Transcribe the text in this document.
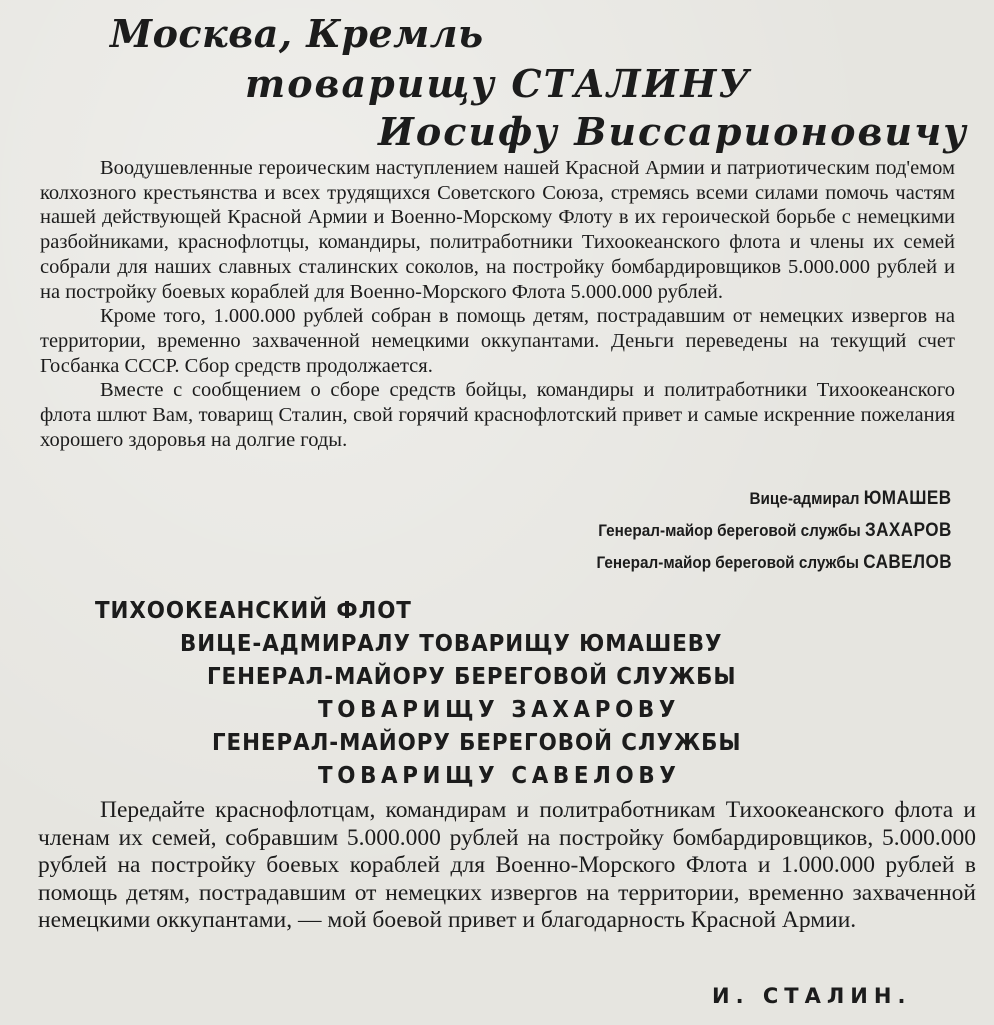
Москва, Кремль
товарищу СТАЛИНУ
Иосифу Виссарионовичу

Воодушевленные героическим наступлением нашей Красной Армии и патриотическим под'емом колхозного крестьянства и всех трудящихся Советского Союза, стремясь всеми силами помочь частям нашей действующей Красной Армии и Военно-Морскому Флоту в их героической борьбе с немецкими разбойниками, краснофлотцы, командиры, политработники Тихоокеанского флота и члены их семей собрали для наших славных сталинских соколов, на постройку бомбардировщиков 5.000.000 рублей и на постройку боевых кораблей для Военно-Морского Флота 5.000.000 рублей.

Кроме того, 1.000.000 рублей собран в помощь детям, пострадавшим от немецких извергов на территории, временно захваченной немецкими оккупантами. Деньги переведены на текущий счет Госбанка СССР. Сбор средств продолжается.

Вместе с сообщением о сборе средств бойцы, командиры и политработники Тихоокеанского флота шлют Вам, товарищ Сталин, свой горячий краснофлотский привет и самые искренние пожелания хорошего здоровья на долгие годы.

Вице-адмирал ЮМАШЕВ
Генерал-майор береговой службы ЗАХАРОВ
Генерал-майор береговой службы САВЕЛОВ
ТИХООКЕАНСКИЙ ФЛОТ
ВИЦЕ-АДМИРАЛУ ТОВАРИЩУ ЮМАШЕВУ
ГЕНЕРАЛ-МАЙОРУ БЕРЕГОВОЙ СЛУЖБЫ
ТОВАРИЩУ ЗАХАРОВУ
ГЕНЕРАЛ-МАЙОРУ БЕРЕГОВОЙ СЛУЖБЫ
ТОВАРИЩУ САВЕЛОВУ

Передайте краснофлотцам, командирам и политработникам Тихоокеанского флота и членам их семей, собравшим 5.000.000 рублей на постройку бомбардировщиков, 5.000.000 рублей на постройку боевых кораблей для Военно-Морского Флота и 1.000.000 рублей в помощь детям, пострадавшим от немецких извергов на территории, временно захваченной немецкими оккупантами, — мой боевой привет и благодарность Красной Армии.

И. СТАЛИН.
